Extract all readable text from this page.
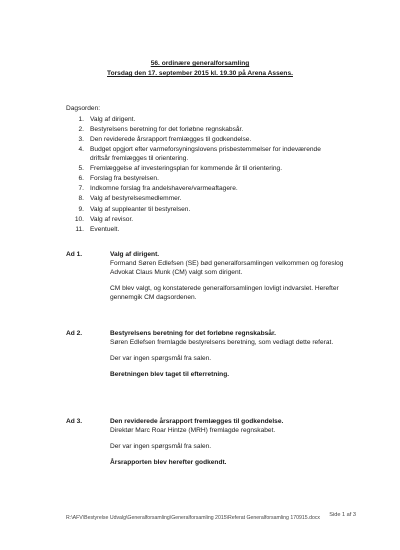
56. ordinære generalforsamling
Torsdag den 17. september 2015 kl. 19.30 på Arena Assens.
Dagsorden:
1. Valg af dirigent.
2. Bestyrelsens beretning for det forløbne regnskabsår.
3. Den reviderede årsrapport fremlægges til godkendelse.
4. Budget opgjort efter varmeforsyningslovens prisbestemmelser for indeværende driftsår fremlægges til orientering.
5. Fremlæggelse af investeringsplan for kommende år til orientering.
6. Forslag fra bestyrelsen.
7. Indkomne forslag fra andelshavere/varmeaftagere.
8. Valg af bestyrelsesmedlemmer.
9. Valg af suppleanter til bestyrelsen.
10. Valg af revisor.
11. Eventuelt.
Ad 1.	Valg af dirigent.

Formand Søren Edlefsen (SE) bød generalforsamlingen velkommen og foreslog Advokat Claus Munk (CM) valgt som dirigent.

CM blev valgt, og konstaterede generalforsamlingen lovligt indvarslet. Herefter gennemgik CM dagsordenen.

Ad 2.	Bestyrelsens beretning for det forløbne regnskabsår.

Søren Edlefsen fremlagde bestyrelsens beretning, som vedlagt dette referat.

Der var ingen spørgsmål fra salen.

Beretningen blev taget til efterretning.

Ad 3.	Den reviderede årsrapport fremlægges til godkendelse.

Direktør Marc Roar Hintze (MRH) fremlagde regnskabet.

Der var ingen spørgsmål fra salen.

Årsrapporten blev herefter godkendt.

Side 1 af 3
R:\AFV\Bestyrelse Udvalg\Generalforsamling\Generalforsamling 2015\Referat Generalforsamling 170915.docx
